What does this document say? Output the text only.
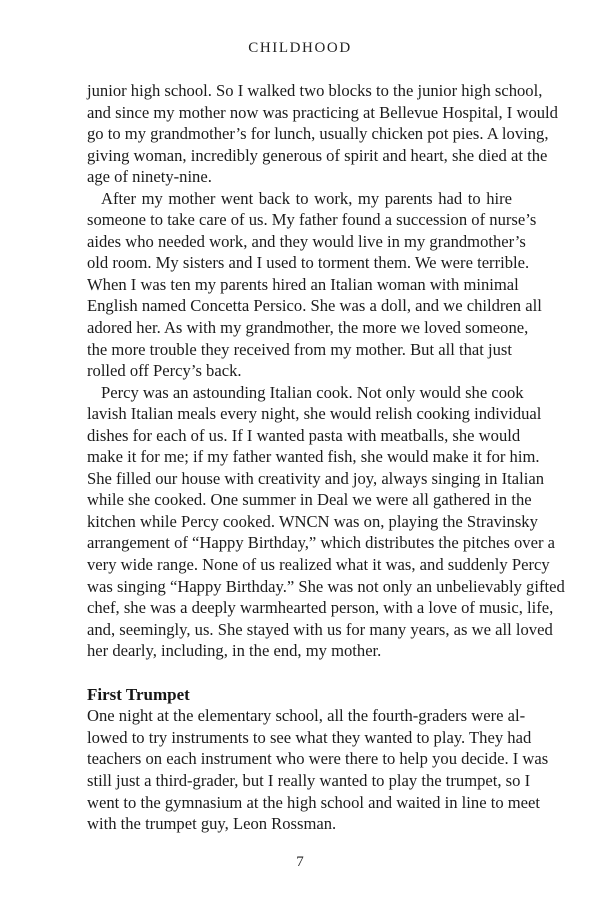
CHILDHOOD
junior high school. So I walked two blocks to the junior high school,
and since my mother now was practicing at Bellevue Hospital, I would
go to my grandmother’s for lunch, usually chicken pot pies. A loving,
giving woman, incredibly generous of spirit and heart, she died at the
age of ninety-nine.
After my mother went back to work, my parents had to hire
someone to take care of us. My father found a succession of nurse’s
aides who needed work, and they would live in my grandmother’s
old room. My sisters and I used to torment them. We were terrible.
When I was ten my parents hired an Italian woman with minimal
English named Concetta Persico. She was a doll, and we children all
adored her. As with my grandmother, the more we loved someone,
the more trouble they received from my mother. But all that just
rolled off Percy’s back.
Percy was an astounding Italian cook. Not only would she cook
lavish Italian meals every night, she would relish cooking individual
dishes for each of us. If I wanted pasta with meatballs, she would
make it for me; if my father wanted fish, she would make it for him.
She filled our house with creativity and joy, always singing in Italian
while she cooked. One summer in Deal we were all gathered in the
kitchen while Percy cooked. WNCN was on, playing the Stravinsky
arrangement of “Happy Birthday,” which distributes the pitches over a
very wide range. None of us realized what it was, and suddenly Percy
was singing “Happy Birthday.” She was not only an unbelievably gifted
chef, she was a deeply warmhearted person, with a love of music, life,
and, seemingly, us. She stayed with us for many years, as we all loved
her dearly, including, in the end, my mother.
First Trumpet
One night at the elementary school, all the fourth-graders were al-
lowed to try instruments to see what they wanted to play. They had
teachers on each instrument who were there to help you decide. I was
still just a third-grader, but I really wanted to play the trumpet, so I
went to the gymnasium at the high school and waited in line to meet
with the trumpet guy, Leon Rossman.
7
